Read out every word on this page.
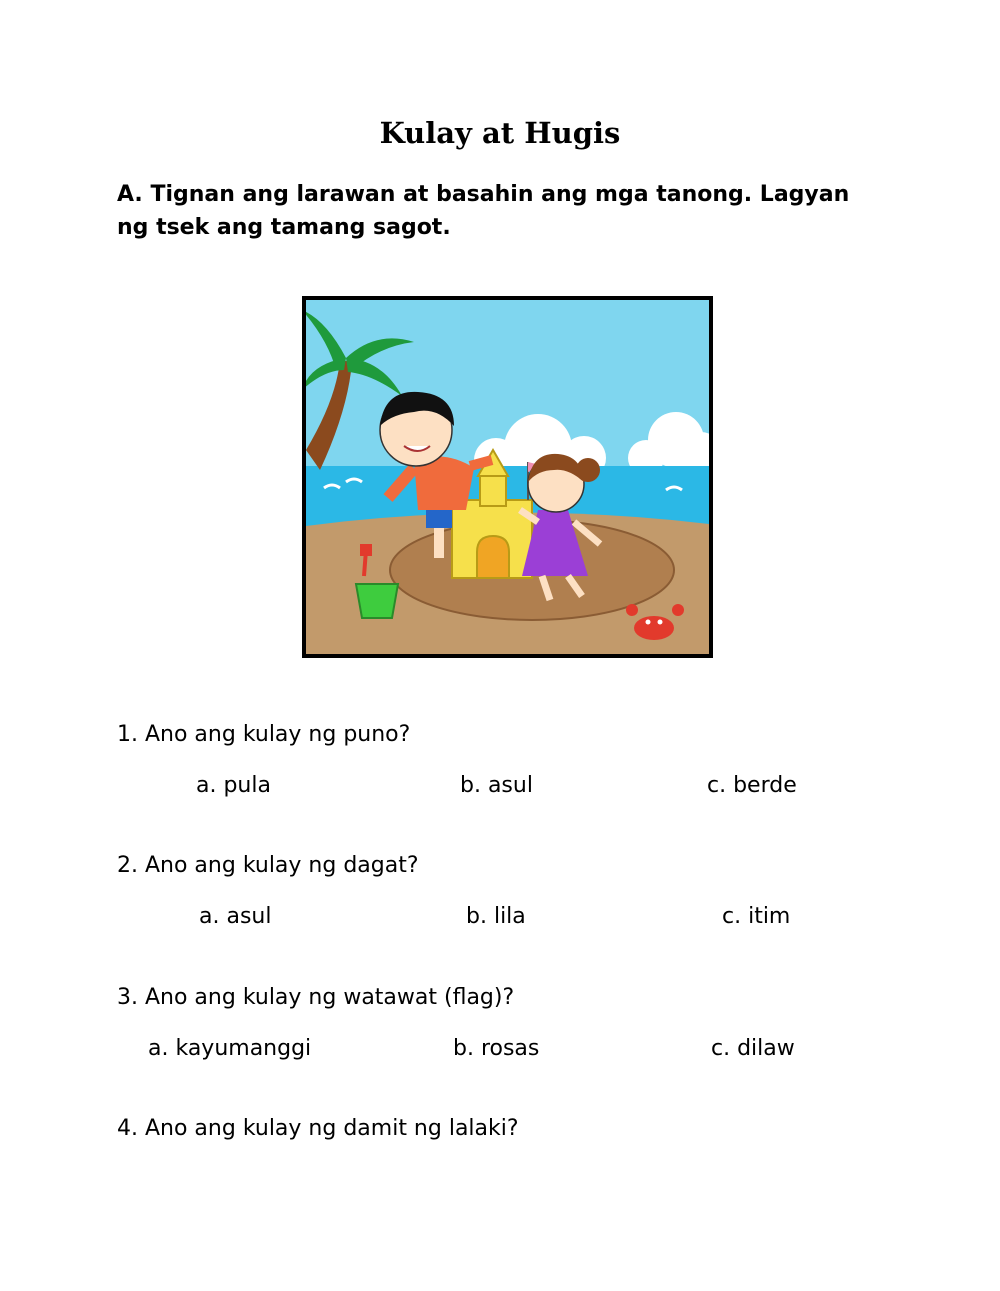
Kulay at Hugis
A. Tignan ang larawan at basahin ang mga tanong. Lagyan ng tsek ang tamang sagot.
1. Ano ang kulay ng puno?
a. pula	b. asul	c. berde
2. Ano ang kulay ng dagat?
a. asul	b. lila	c. itim
3. Ano ang kulay ng watawat (flag)?
a. kayumanggi	b. rosas	c. dilaw
4. Ano ang kulay ng damit ng lalaki?
